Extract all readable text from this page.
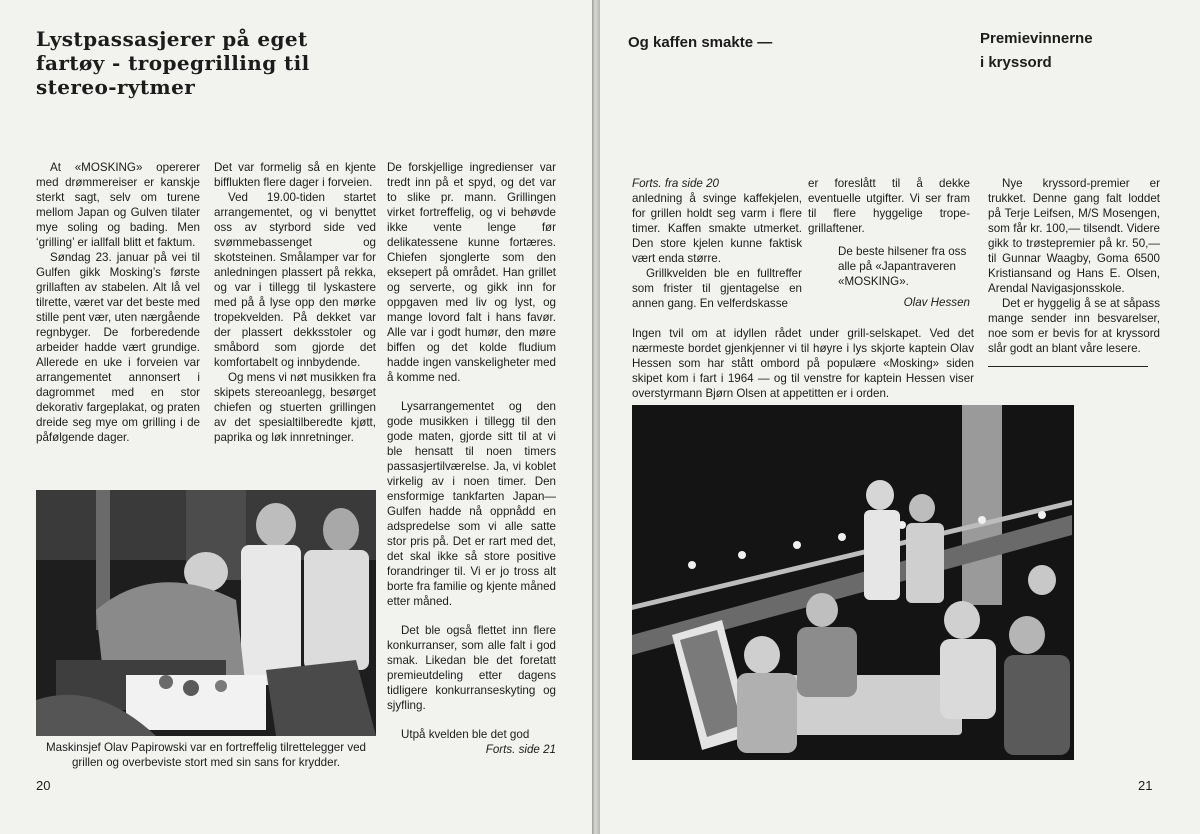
Lystpassasjerer på eget
fartøy - tropegrilling til
stereo-rytmer

At «MOSKING» opererer med drømmereiser er kanskje sterkt sagt, selv om turene mellom Japan og Gulven tilater mye soling og bading. Men ‘grilling’ er iallfall blitt et faktum.

Søndag 23. januar på vei til Gulfen gikk Mosking’s første grillaften av stabelen. Alt lå vel tilrette, været var det beste med stille pent vær, uten nærgående regnbyger. De forberedende arbeider hadde vært grundige. Allerede en uke i forveien var arrangementet annonsert i dagrommet med en stor dekorativ fargeplakat, og praten dreide seg mye om grilling i de påfølgende dager.

Det var formelig så en kjente bifflukten flere dager i forveien.

Ved 19.00-tiden startet arrangementet, og vi benyttet oss av styrbord side ved svømmebassenget og skotsteinen. Smålamper var for anledningen plassert på rekka, og var i tillegg til lyskastere med på å lyse opp den mørke tropekvelden. På dekket var der plassert dekksstoler og småbord som gjorde det komfortabelt og innbydende.

Og mens vi nøt musikken fra skipets stereoanlegg, besørget chiefen og stuerten grillingen av det spesialtilberedte kjøtt, paprika og løk innretninger.

De forskjellige ingredienser var tredt inn på et spyd, og det var to slike pr. mann. Grillingen virket fortreffelig, og vi behøvde ikke vente lenge før delikatessene kunne fortæres. Chiefen sjonglerte som den eksepert på området. Han grillet og serverte, og gikk inn for oppgaven med liv og lyst, og mange lovord falt i hans favør. Alle var i godt humør, den møre biffen og det kolde fludium hadde ingen vanskeligheter med å komme ned.

Lysarrangementet og den gode musikken i tillegg til den gode maten, gjorde sitt til at vi ble hensatt til noen timers passasjertilværelse. Ja, vi koblet virkelig av i noen timer. Den ensformige tankfarten Japan—Gulfen hadde nå oppnådd en adspredelse som vi alle satte stor pris på. Det er rart med det, det skal ikke så store positive forandringer til. Vi er jo tross alt borte fra familie og kjente måned etter måned.

Det ble også flettet inn flere konkurranser, som alle falt i god smak. Likedan ble det foretatt premieutdeling etter dagens tidligere konkurranseskyting og sjyfling.

Utpå kvelden ble det god

Forts. side 21

Maskinsjef Olav Papirowski var en fortreffelig tilrettelegger ved grillen og overbeviste stort med sin sans for krydder.
20
Og kaffen smakte —	Premievinnerne
i kryssord

Forts. fra side 20

anledning å svinge kaffekjelen, for grillen holdt seg varm i flere timer. Kaffen smakte utmerket. Den store kjelen kunne faktisk vært enda større.

Grillkvelden ble en fulltreffer som frister til gjentagelse en annen gang. En velferdskasse

er foreslått til å dekke eventuelle utgifter. Vi ser fram til flere hyggelige trope-grillaftener.

De beste hilsener fra oss
alle på «Japantraveren
«MOSKING».
Olav Hessen

Nye kryssord-premier er trukket. Denne gang falt loddet på Terje Leifsen, M/S Mosengen, som får kr. 100,— tilsendt. Videre gikk to trøstepremier på kr. 50,— til Gunnar Waagby, Goma 6500 Kristiansand og Hans E. Olsen, Arendal Navigasjonsskole.

Det er hyggelig å se at såpass mange sender inn besvarelser, noe som er bevis for at kryssord slår godt an blant våre lesere.

Ingen tvil om at idyllen rådet under grill-selskapet. Ved det nærmeste bordet gjenkjenner vi til høyre i lys skjorte kaptein Olav Hessen som har stått ombord på populære «Mosking» siden skipet kom i fart i 1964 — og til venstre for kaptein Hessen viser overstyrmann Bjørn Olsen at appetitten er i orden.

21
